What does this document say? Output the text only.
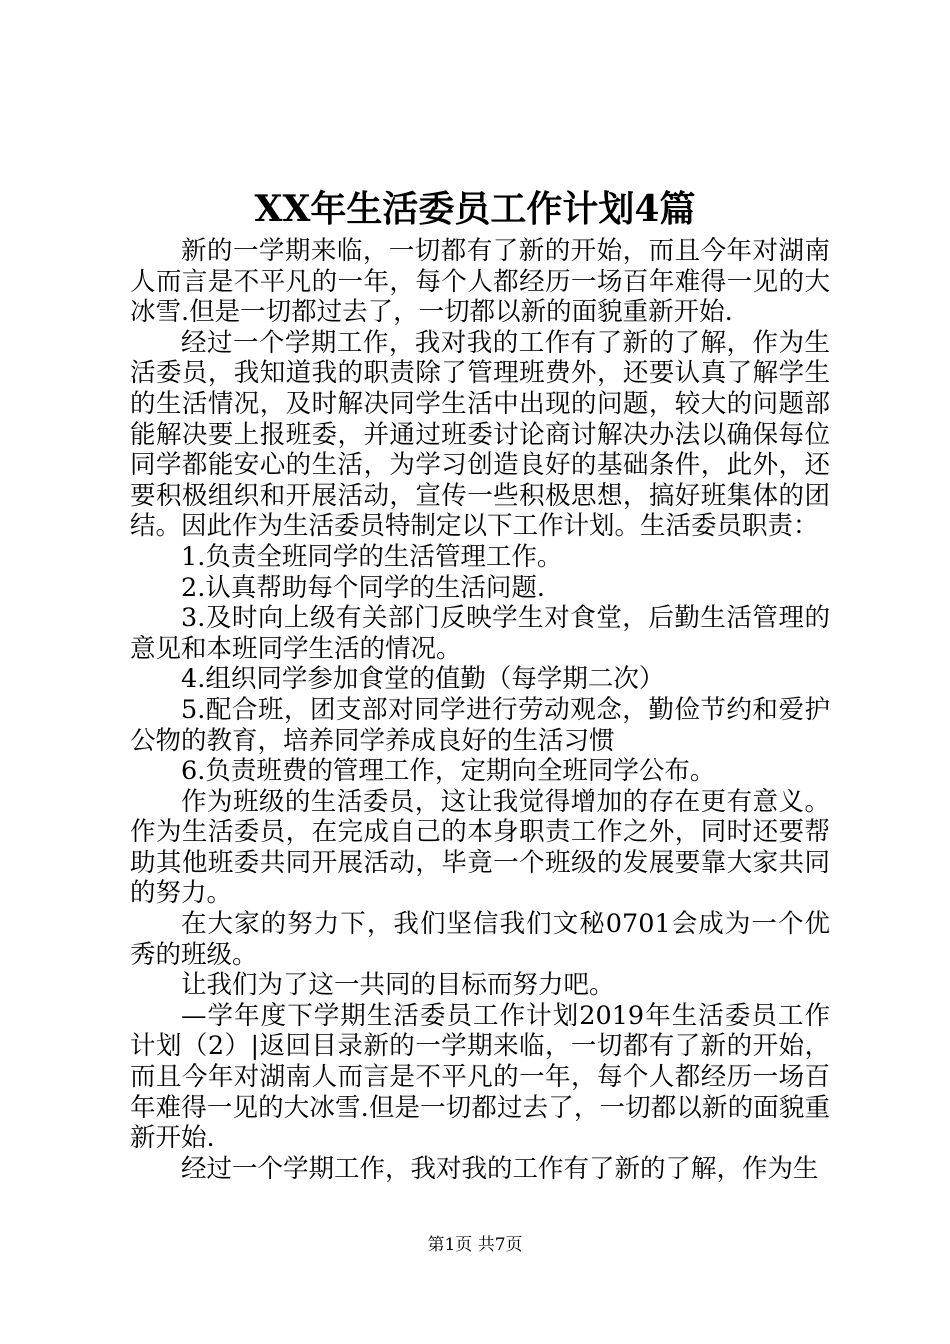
XX年生活委员工作计划4篇

新的一学期来临，一切都有了新的开始，而且今年对湖南人而言是不平凡的一年，每个人都经历一场百年难得一见的大冰雪.但是一切都过去了，一切都以新的面貌重新开始.

经过一个学期工作，我对我的工作有了新的了解，作为生活委员，我知道我的职责除了管理班费外，还要认真了解学生的生活情况，及时解决同学生活中出现的问题，较大的问题部能解决要上报班委，并通过班委讨论商讨解决办法以确保每位同学都能安心的生活，为学习创造良好的基础条件，此外，还要积极组织和开展活动，宣传一些积极思想，搞好班集体的团结。因此作为生活委员特制定以下工作计划。生活委员职责：

1.负责全班同学的生活管理工作。

2.认真帮助每个同学的生活问题.

3.及时向上级有关部门反映学生对食堂，后勤生活管理的意见和本班同学生活的情况。

4.组织同学参加食堂的值勤（每学期二次）

5.配合班，团支部对同学进行劳动观念，勤俭节约和爱护公物的教育，培养同学养成良好的生活习惯

6.负责班费的管理工作，定期向全班同学公布。

作为班级的生活委员，这让我觉得增加的存在更有意义。作为生活委员，在完成自己的本身职责工作之外，同时还要帮助其他班委共同开展活动，毕竟一个班级的发展要靠大家共同的努力。

在大家的努力下，我们坚信我们文秘0701会成为一个优秀的班级。

让我们为了这一共同的目标而努力吧。

—学年度下学期生活委员工作计划2019年生活委员工作计划（2）|返回目录新的一学期来临，一切都有了新的开始，而且今年对湖南人而言是不平凡的一年，每个人都经历一场百年难得一见的大冰雪.但是一切都过去了，一切都以新的面貌重新开始.

经过一个学期工作，我对我的工作有了新的了解，作为生

第1页 共7页
